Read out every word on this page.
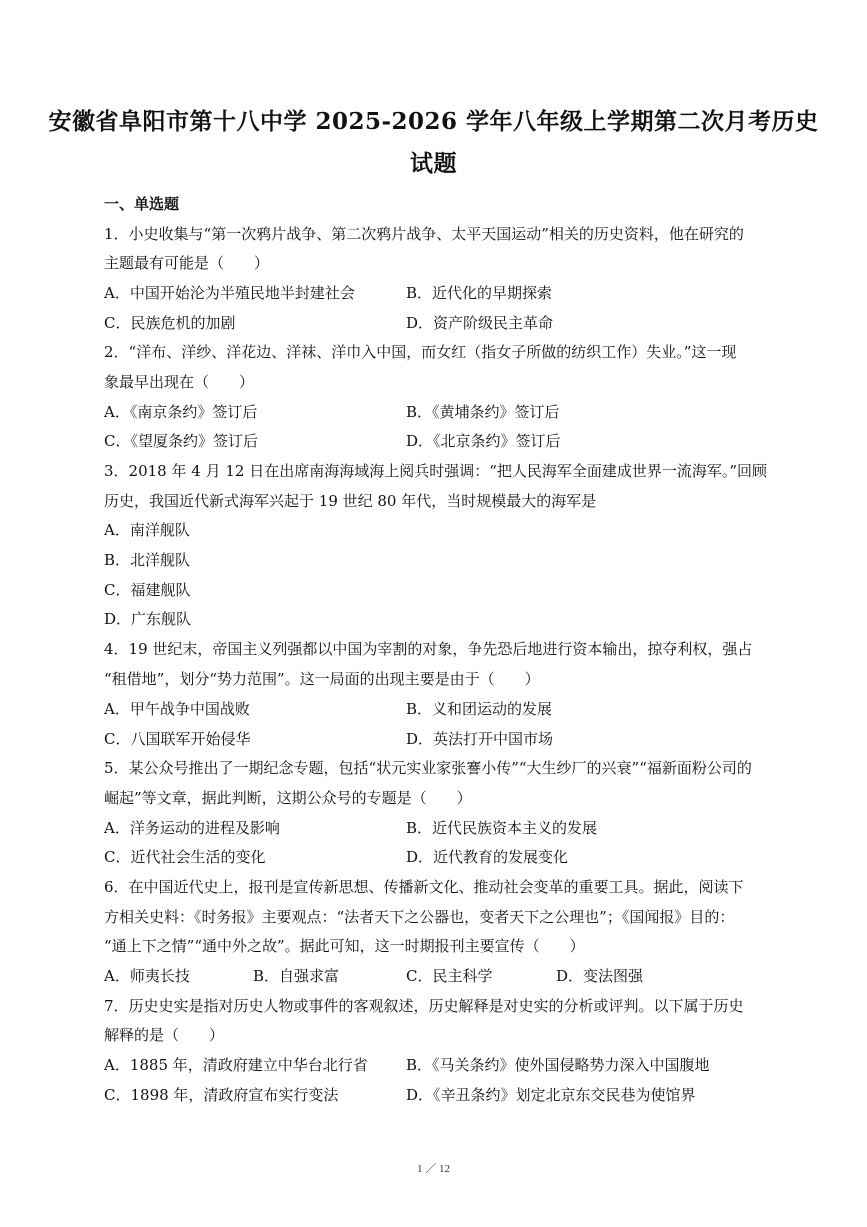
安徽省阜阳市第十八中学 2025-2026 学年八年级上学期第二次月考历史
试题
一、单选题
1．小史收集与“第一次鸦片战争、第二次鸦片战争、太平天国运动”相关的历史资料，他在研究的
主题最有可能是（　　）
A．中国开始沦为半殖民地半封建社会	B．近代化的早期探索
C．民族危机的加剧	D．资产阶级民主革命
2．“洋布、洋纱、洋花边、洋袜、洋巾入中国，而女红（指女子所做的纺织工作）失业。”这一现
象最早出现在（　　）
A．《南京条约》签订后	B．《黄埔条约》签订后
C．《望厦条约》签订后	D．《北京条约》签订后
3．2018 年 4 月 12 日在出席南海海域海上阅兵时强调：“把人民海军全面建成世界一流海军。”回顾
历史，我国近代新式海军兴起于 19 世纪 80 年代，当时规模最大的海军是
A．南洋舰队
B．北洋舰队
C．福建舰队
D．广东舰队
4．19 世纪末，帝国主义列强都以中国为宰割的对象，争先恐后地进行资本输出，掠夺利权，强占
“租借地”，划分“势力范围”。这一局面的出现主要是由于（　　）
A．甲午战争中国战败	B．义和团运动的发展
C．八国联军开始侵华	D．英法打开中国市场
5．某公众号推出了一期纪念专题，包括“状元实业家张謇小传”“大生纱厂的兴衰”“福新面粉公司的
崛起”等文章，据此判断，这期公众号的专题是（　　）
A．洋务运动的进程及影响	B．近代民族资本主义的发展
C．近代社会生活的变化	D．近代教育的发展变化
6．在中国近代史上，报刊是宣传新思想、传播新文化、推动社会变革的重要工具。据此，阅读下
方相关史料：《时务报》主要观点：“法者天下之公器也，变者天下之公理也”；《国闻报》目的：
“通上下之情”“通中外之故”。据此可知，这一时期报刊主要宣传（　　）
A．师夷长技	B．自强求富	C．民主科学	D．变法图强
7．历史史实是指对历史人物或事件的客观叙述，历史解释是对史实的分析或评判。以下属于历史
解释的是（　　）
A．1885 年，清政府建立中华台北行省	B．《马关条约》使外国侵略势力深入中国腹地
C．1898 年，清政府宣布实行变法	D．《辛丑条约》划定北京东交民巷为使馆界
1 ／ 12
